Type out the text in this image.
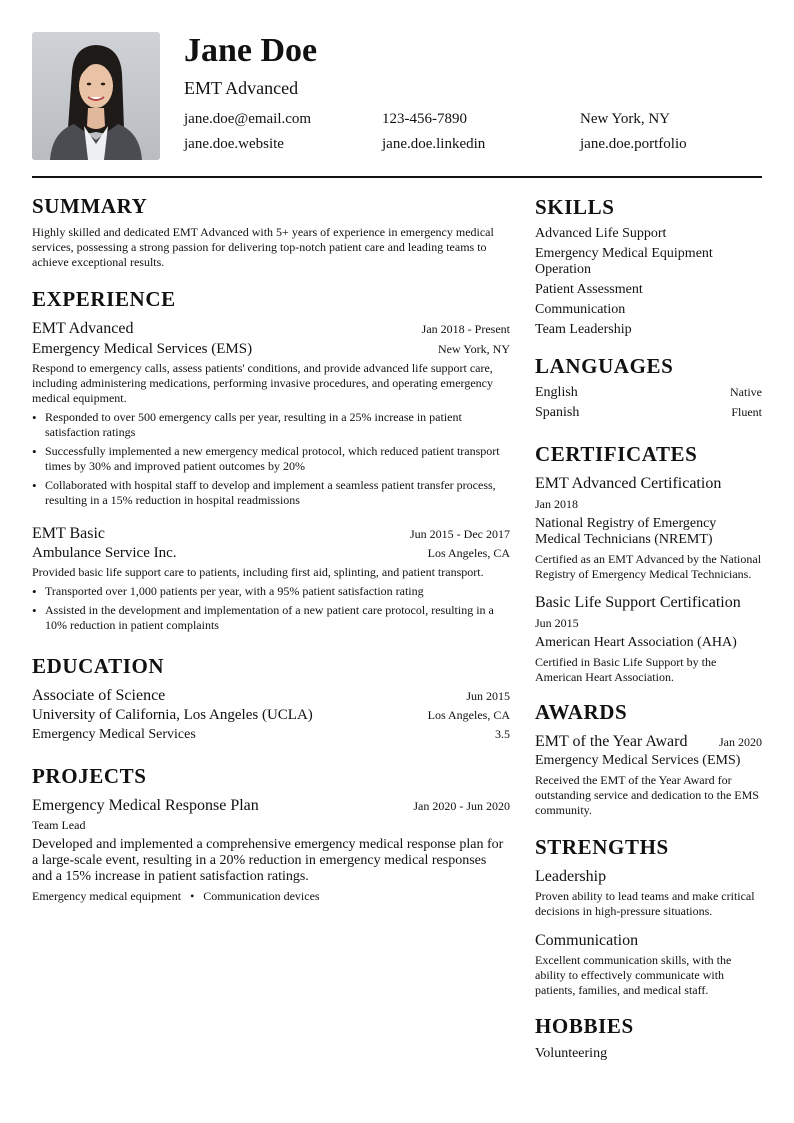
Jane Doe
EMT Advanced
jane.doe@email.com	123-456-7890	New York, NY
jane.doe.website	jane.doe.linkedin	jane.doe.portfolio
SUMMARY
Highly skilled and dedicated EMT Advanced with 5+ years of experience in emergency medical services, possessing a strong passion for delivering top-notch patient care and leading teams to achieve exceptional results.
EXPERIENCE
EMT Advanced	Jan 2018 - Present
Emergency Medical Services (EMS)	New York, NY
Respond to emergency calls, assess patients' conditions, and provide advanced life support care, including administering medications, performing invasive procedures, and operating emergency medical equipment.
• Responded to over 500 emergency calls per year, resulting in a 25% increase in patient satisfaction ratings
• Successfully implemented a new emergency medical protocol, which reduced patient transport times by 30% and improved patient outcomes by 20%
• Collaborated with hospital staff to develop and implement a seamless patient transfer process, resulting in a 15% reduction in hospital readmissions
EMT Basic	Jun 2015 - Dec 2017
Ambulance Service Inc.	Los Angeles, CA
Provided basic life support care to patients, including first aid, splinting, and patient transport.
• Transported over 1,000 patients per year, with a 95% patient satisfaction rating
• Assisted in the development and implementation of a new patient care protocol, resulting in a 10% reduction in patient complaints
EDUCATION
Associate of Science	Jun 2015
University of California, Los Angeles (UCLA)	Los Angeles, CA
Emergency Medical Services	3.5
PROJECTS
Emergency Medical Response Plan	Jan 2020 - Jun 2020
Team Lead
Developed and implemented a comprehensive emergency medical response plan for a large-scale event, resulting in a 20% reduction in emergency medical responses and a 15% increase in patient satisfaction ratings.
Emergency medical equipment • Communication devices
SKILLS
Advanced Life Support
Emergency Medical Equipment Operation
Patient Assessment
Communication
Team Leadership
LANGUAGES
English	Native
Spanish	Fluent
CERTIFICATES
EMT Advanced Certification
Jan 2018
National Registry of Emergency Medical Technicians (NREMT)
Certified as an EMT Advanced by the National Registry of Emergency Medical Technicians.
Basic Life Support Certification
Jun 2015
American Heart Association (AHA)
Certified in Basic Life Support by the American Heart Association.
AWARDS
EMT of the Year Award	Jan 2020
Emergency Medical Services (EMS)
Received the EMT of the Year Award for outstanding service and dedication to the EMS community.
STRENGTHS
Leadership
Proven ability to lead teams and make critical decisions in high-pressure situations.
Communication
Excellent communication skills, with the ability to effectively communicate with patients, families, and medical staff.
HOBBIES
Volunteering
